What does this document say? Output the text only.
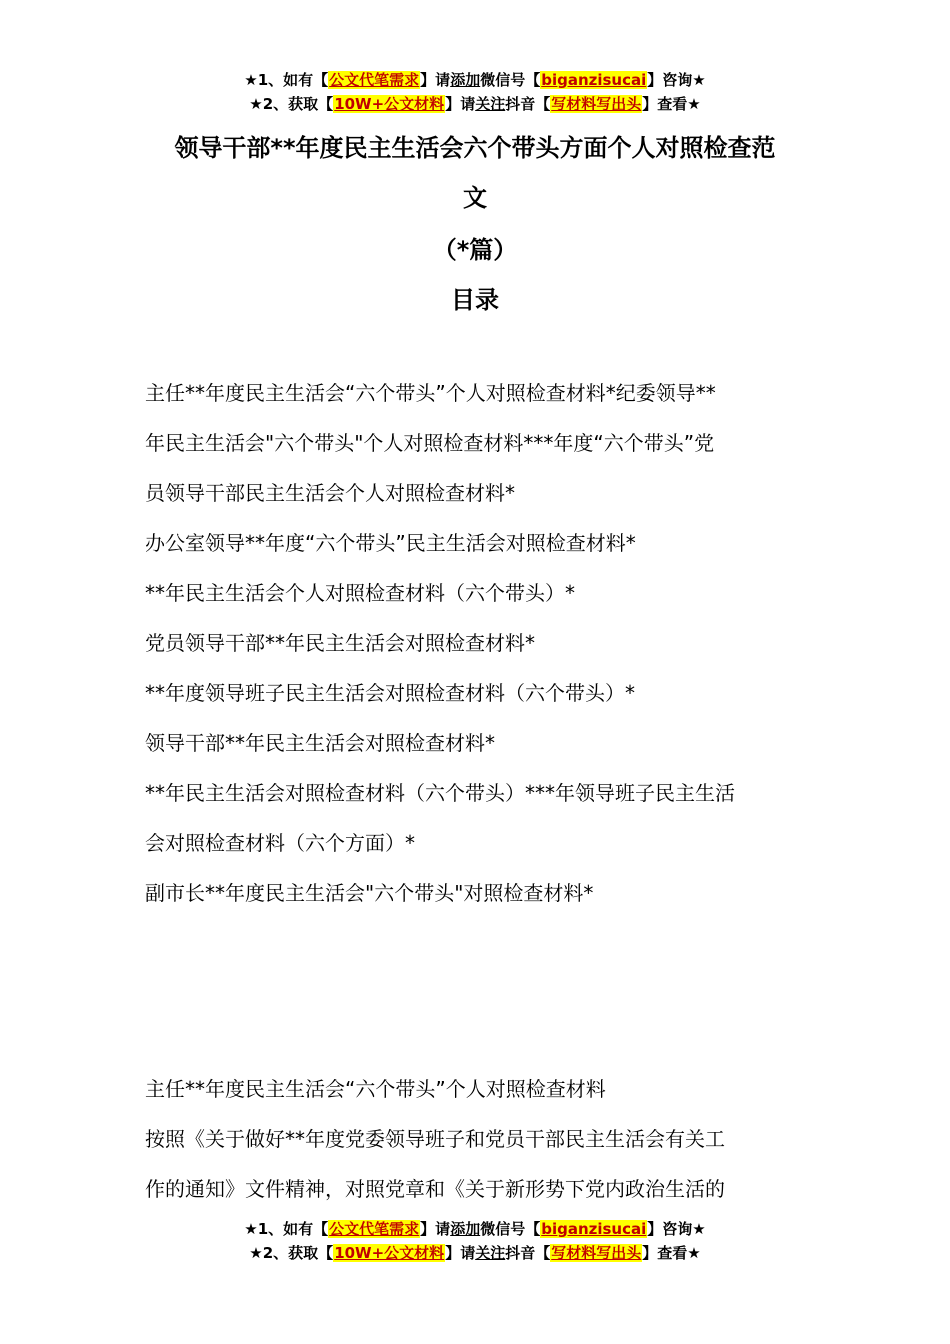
★1、如有【公文代笔需求】请添加微信号【biganzisucai】咨询★
★2、获取【10W+公文材料】请关注抖音【写材料写出头】查看★
领导干部**年度民主生活会六个带头方面个人对照检查范
文
（*篇）
目录

主任**年度民主生活会“六个带头”个人对照检查材料*纪委领导**

年民主生活会"六个带头"个人对照检查材料***年度“六个带头”党

员领导干部民主生活会个人对照检查材料*

办公室领导**年度“六个带头”民主生活会对照检查材料*

**年民主生活会个人对照检查材料（六个带头）*

党员领导干部**年民主生活会对照检查材料*

**年度领导班子民主生活会对照检查材料（六个带头）*

领导干部**年民主生活会对照检查材料*

**年民主生活会对照检查材料（六个带头）***年领导班子民主生活

会对照检查材料（六个方面）*

副市长**年度民主生活会"六个带头"对照检查材料*

主任**年度民主生活会“六个带头”个人对照检查材料

按照《关于做好**年度党委领导班子和党员干部民主生活会有关工

作的通知》文件精神，对照党章和《关于新形势下党内政治生活的

★1、如有【公文代笔需求】请添加微信号【biganzisucai】咨询★
★2、获取【10W+公文材料】请关注抖音【写材料写出头】查看★
